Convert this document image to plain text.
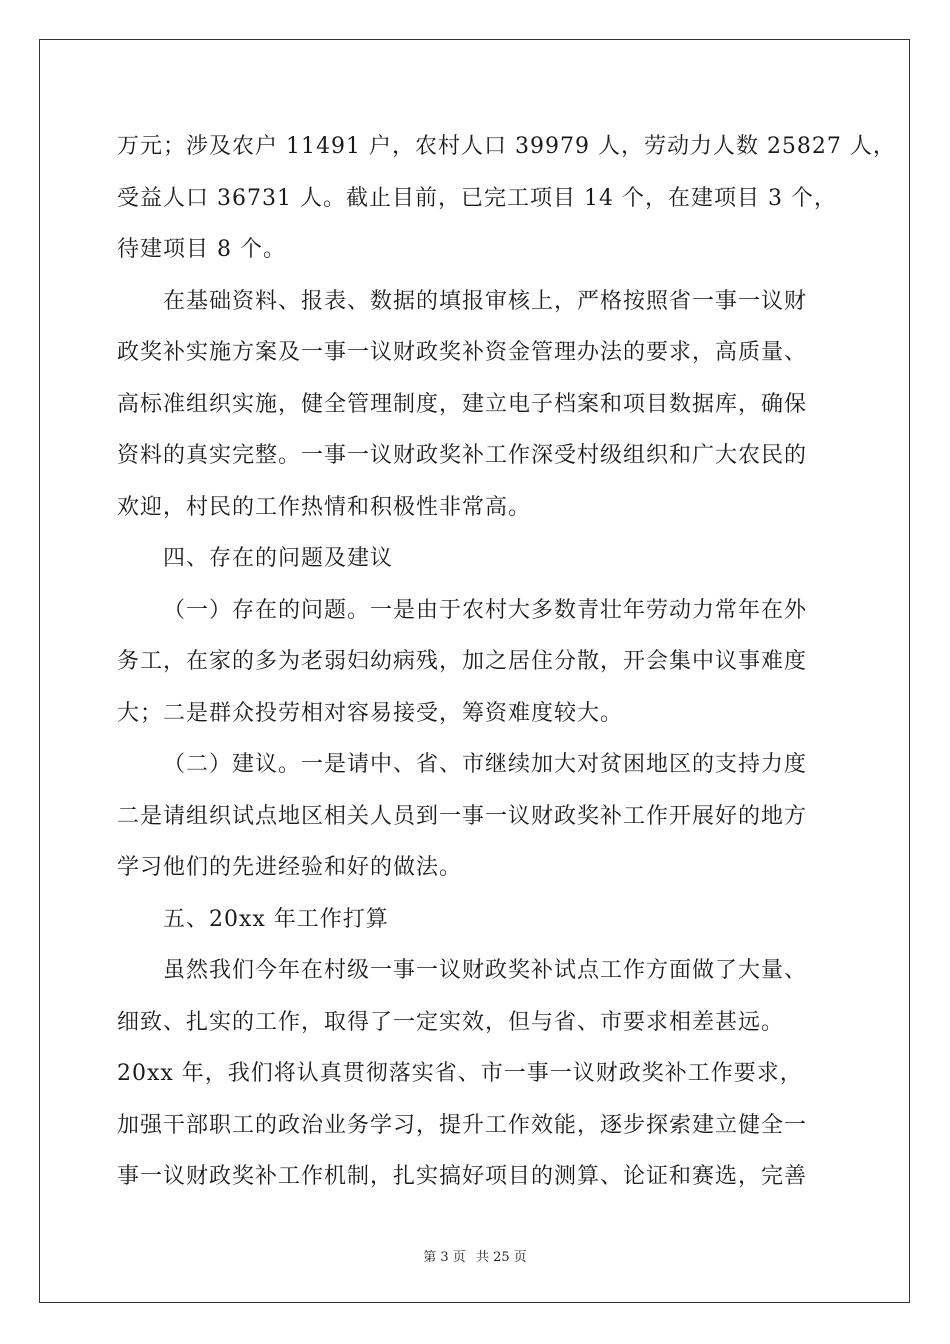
万元；涉及农户 11491 户，农村人口 39979 人，劳动力人数 25827 人，
受益人口 36731 人。截止目前，已完工项目 14 个，在建项目 3 个，
待建项目 8 个。
在基础资料、报表、数据的填报审核上，严格按照省一事一议财
政奖补实施方案及一事一议财政奖补资金管理办法的要求，高质量、
高标准组织实施，健全管理制度，建立电子档案和项目数据库，确保
资料的真实完整。一事一议财政奖补工作深受村级组织和广大农民的
欢迎，村民的工作热情和积极性非常高。
四、存在的问题及建议
（一）存在的问题。一是由于农村大多数青壮年劳动力常年在外
务工，在家的多为老弱妇幼病残，加之居住分散，开会集中议事难度
大；二是群众投劳相对容易接受，筹资难度较大。
（二）建议。一是请中、省、市继续加大对贫困地区的支持力度
二是请组织试点地区相关人员到一事一议财政奖补工作开展好的地方
学习他们的先进经验和好的做法。
五、20xx 年工作打算
虽然我们今年在村级一事一议财政奖补试点工作方面做了大量、
细致、扎实的工作，取得了一定实效，但与省、市要求相差甚远。
20xx 年，我们将认真贯彻落实省、市一事一议财政奖补工作要求，
加强干部职工的政治业务学习，提升工作效能，逐步探索建立健全一
事一议财政奖补工作机制，扎实搞好项目的测算、论证和赛选，完善
第 3 页 共 25 页
